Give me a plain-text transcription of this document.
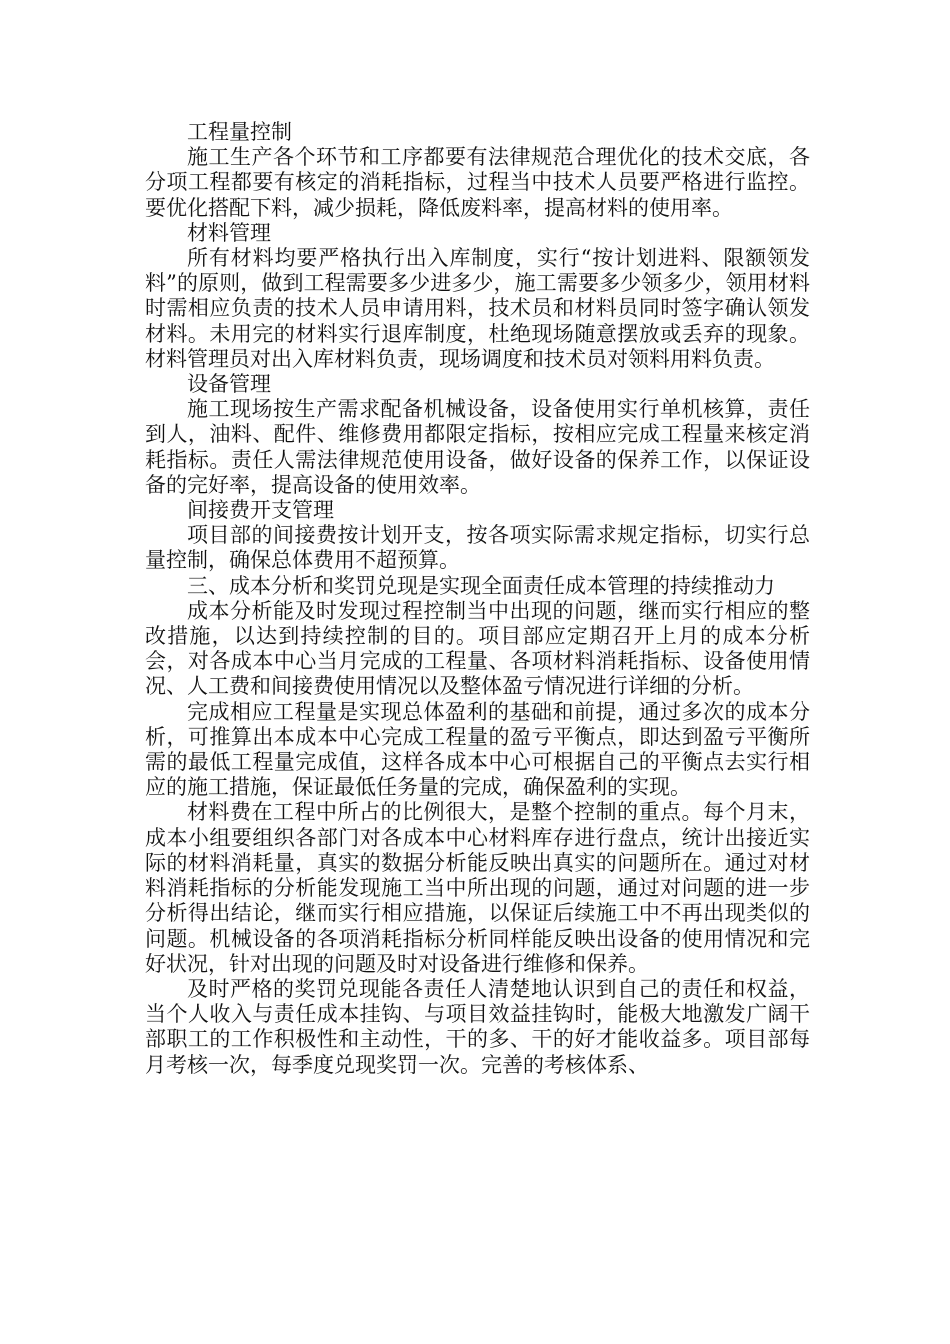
工程量控制

施工生产各个环节和工序都要有法律规范合理优化的技术交底，各分项工程都要有核定的消耗指标，过程当中技术人员要严格进行监控。要优化搭配下料，减少损耗，降低废料率，提高材料的使用率。

材料管理

所有材料均要严格执行出入库制度，实行“按计划进料、限额领发料”的原则，做到工程需要多少进多少，施工需要多少领多少，领用材料时需相应负责的技术人员申请用料，技术员和材料员同时签字确认领发材料。未用完的材料实行退库制度，杜绝现场随意摆放或丢弃的现象。材料管理员对出入库材料负责，现场调度和技术员对领料用料负责。

设备管理

施工现场按生产需求配备机械设备，设备使用实行单机核算，责任到人，油料、配件、维修费用都限定指标，按相应完成工程量来核定消耗指标。责任人需法律规范使用设备，做好设备的保养工作，以保证设备的完好率，提高设备的使用效率。

间接费开支管理

项目部的间接费按计划开支，按各项实际需求规定指标，切实行总量控制，确保总体费用不超预算。

三、成本分析和奖罚兑现是实现全面责任成本管理的持续推动力

成本分析能及时发现过程控制当中出现的问题，继而实行相应的整改措施，以达到持续控制的目的。项目部应定期召开上月的成本分析会，对各成本中心当月完成的工程量、各项材料消耗指标、设备使用情况、人工费和间接费使用情况以及整体盈亏情况进行详细的分析。

完成相应工程量是实现总体盈利的基础和前提，通过多次的成本分析，可推算出本成本中心完成工程量的盈亏平衡点，即达到盈亏平衡所需的最低工程量完成值，这样各成本中心可根据自己的平衡点去实行相应的施工措施，保证最低任务量的完成，确保盈利的实现。

材料费在工程中所占的比例很大，是整个控制的重点。每个月末，成本小组要组织各部门对各成本中心材料库存进行盘点，统计出接近实际的材料消耗量，真实的数据分析能反映出真实的问题所在。通过对材料消耗指标的分析能发现施工当中所出现的问题，通过对问题的进一步分析得出结论，继而实行相应措施，以保证后续施工中不再出现类似的问题。机械设备的各项消耗指标分析同样能反映出设备的使用情况和完好状况，针对出现的问题及时对设备进行维修和保养。

及时严格的奖罚兑现能各责任人清楚地认识到自己的责任和权益，当个人收入与责任成本挂钩、与项目效益挂钩时，能极大地激发广阔干部职工的工作积极性和主动性，干的多、干的好才能收益多。项目部每月考核一次，每季度兑现奖罚一次。完善的考核体系、
